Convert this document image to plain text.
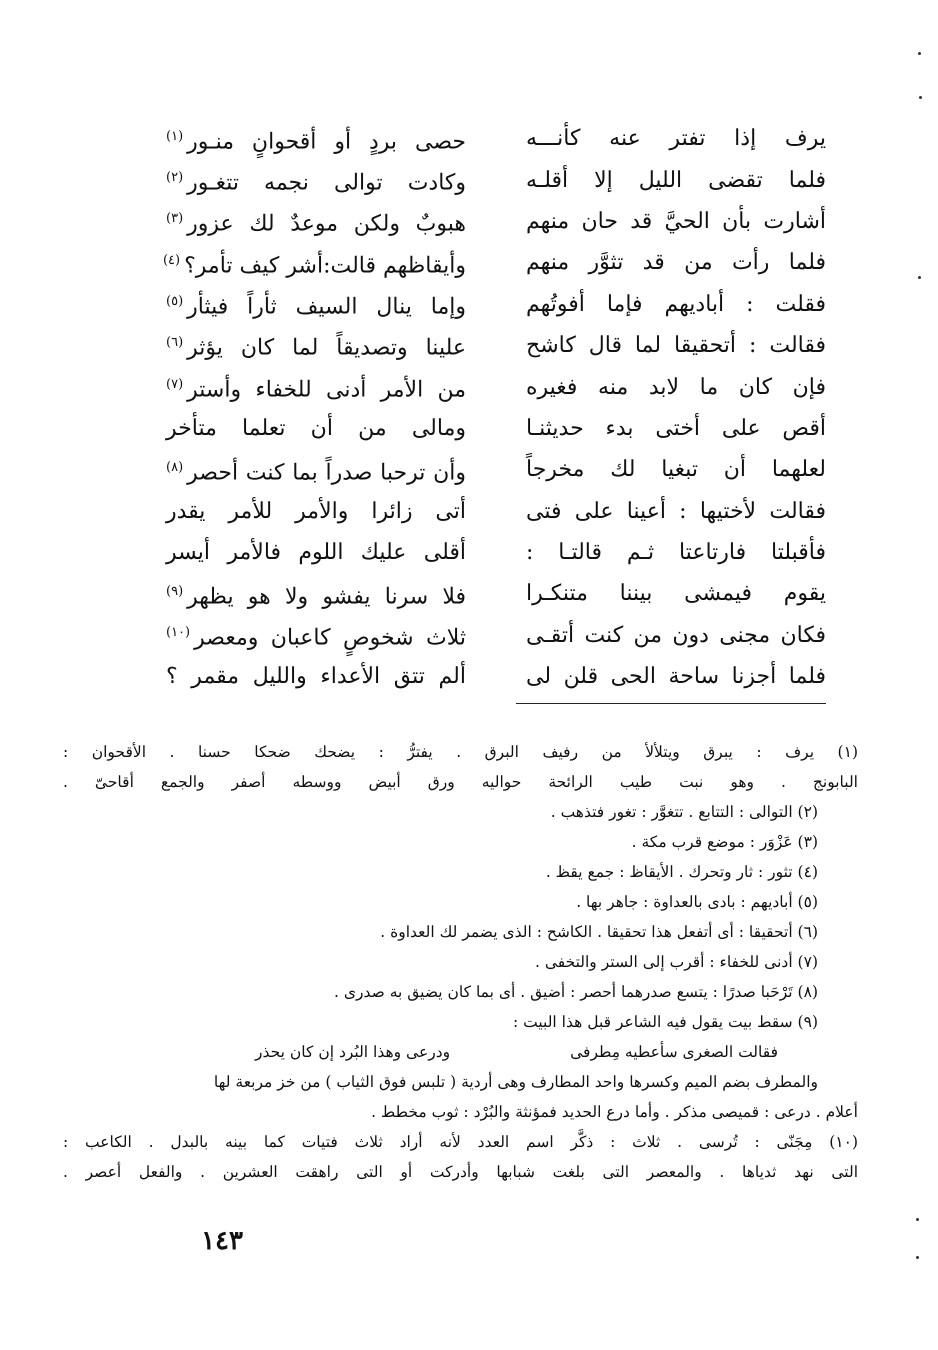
يرف إذا تفتر عنه كأنـــه
حصى بردٍ أو أقحوانٍ منـور$^{(١)}$
فلما تقضى الليل إلا أقلـه
وكادت توالى نجمه تتغـور$^{(٢)}$
أشارت بأن الحيَّ قد حان منهم
هبوبٌ ولكن موعدٌ لك عزور$^{(٣)}$
فلما رأت من قد تثوَّر منهم
وأيقاظهم قالت:أشر كيف تأمر؟$^{(٤)}$
فقلت : أباديهم فإما أفوتُهم
وإما ينال السيف ثأراً فيثأر$^{(٥)}$
فقالت : أتحقيقا لما قال كاشح
علينا وتصديقاً لما كان يؤثر$^{(٦)}$
فإن كان ما لابد منه فغيره
من الأمر أدنى للخفاء وأستر$^{(٧)}$
أقص على أختى بدء حديثنـا
ومالى من أن تعلما متأخر
لعلهما أن تبغيا لك مخرجاً
وأن ترحبا صدراً بما كنت أحصر$^{(٨)}$
فقالت لأختيها : أعينا على فتى
أتى زائرا والأمر للأمر يقدر
فأقبلتا فارتاعتا ثـم قالتـا :
أقلى عليك اللوم فالأمر أيسر
يقوم فيمشى بيننا متنكـرا
فلا سرنا يفشو ولا هو يظهر$^{(٩)}$
فكان مجنى دون من كنت أتقـى
ثلاث شخوصٍ كاعبان ومعصر$^{(١٠)}$
فلما أجزنا ساحة الحى قلن لى
ألم تتق الأعداء والليل مقمر ؟
(١) يرف : يبرق ويتلألأ من رفيف البرق . يفترُّ : يضحك ضحكا حسنا . الأقحوان :
البابونج . وهو نبت طيب الرائحة حواليه ورق أبيض ووسطه أصفر والجمع أقاحىّ .
(٢) التوالى : التتابع . تتغوَّر : تغور فتذهب .
(٣) عَزْوَر : موضع قرب مكة .
(٤) تثور : ثار وتحرك . الأيقاظ : جمع يقظ .
(٥) أباديهم : بادى بالعداوة : جاهر بها .
(٦) أتحقيقا : أى أتفعل هذا تحقيقا . الكاشح : الذى يضمر لك العداوة .
(٧) أدنى للخفاء : أقرب إلى الستر والتخفى .
(٨) تَرْحَبا صدرًا : يتسع صدرهما أحصر : أضيق . أى بما كان يضيق به صدرى .
(٩) سقط بيت يقول فيه الشاعر قبل هذا البيت :
فقالت الصغرى سأعطيه مِطرفى
ودرعى وهذا البُرد إن كان يحذر
والمطرف بضم الميم وكسرها واحد المطارف وهى أردية ( تلبس فوق الثياب ) من خز مربعة لها
أعلام . درعى : قميصى مذكر . وأما درع الحديد فمؤنثة والبُرْد : ثوب مخطط .
(١٠) مِجَنّى : تُرسى . ثلاث : ذكَّر اسم العدد لأنه أراد ثلاث فتيات كما بينه بالبدل . الكاعب :
التى نهد ثدياها . والمعصر التى بلغت شبابها وأدركت أو التى راهقت العشرين . والفعل أعصر .
١٤٣
